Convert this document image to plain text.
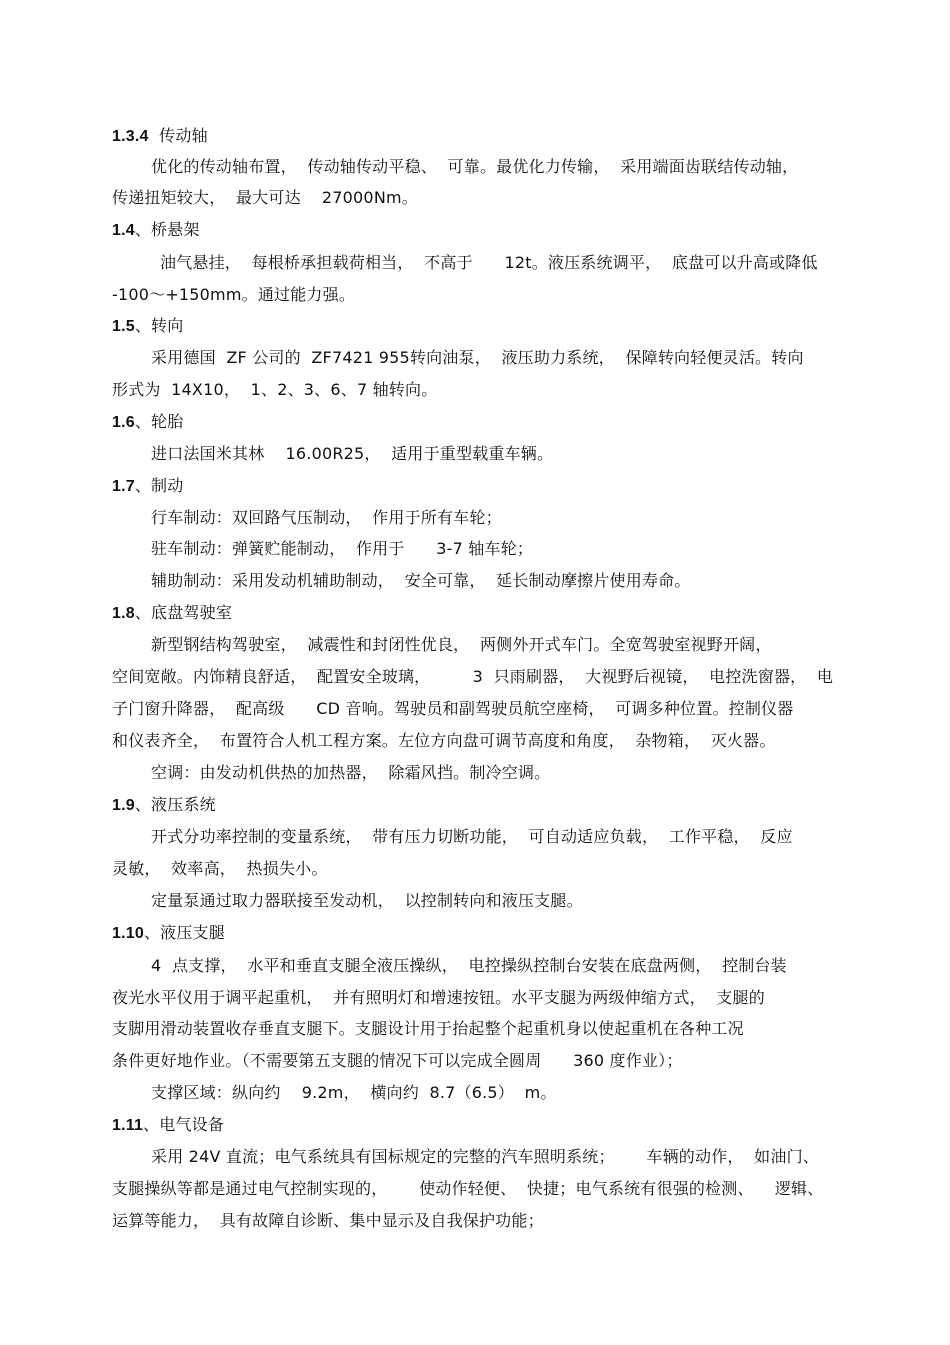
1.3.4  传动轴
优化的传动轴布置，  传动轴传动平稳、  可靠。最优化力传输，  采用端面齿联结传动轴，
传递扭矩较大，  最大可达    27000Nm。
1.4、桥悬架
油气悬挂，  每根桥承担载荷相当，  不高于      12t。液压系统调平，  底盘可以升高或降低
-100～+150mm。通过能力强。
1.5、转向
采用德国  ZF 公司的  ZF7421 955转向油泵，  液压助力系统，  保障转向轻便灵活。转向
形式为  14X10，  1、2、3、6、7 轴转向。
1.6、轮胎
进口法国米其林    16.00R25，  适用于重型载重车辆。
1.7、制动
行车制动：双回路气压制动，  作用于所有车轮；
驻车制动：弹簧贮能制动，  作用于      3-7 轴车轮；
辅助制动：采用发动机辅助制动，  安全可靠，  延长制动摩擦片使用寿命。
1.8、底盘驾驶室
新型钢结构驾驶室，  减震性和封闭性优良，  两侧外开式车门。全宽驾驶室视野开阔，
空间宽敞。内饰精良舒适，  配置安全玻璃，        3  只雨刷器，  大视野后视镜，  电控洗窗器，  电
子门窗升降器，  配高级      CD 音响。驾驶员和副驾驶员航空座椅，  可调多种位置。控制仪器
和仪表齐全，  布置符合人机工程方案。左位方向盘可调节高度和角度，  杂物箱，  灭火器。
空调：由发动机供热的加热器，  除霜风挡。制冷空调。
1.9、液压系统
开式分功率控制的变量系统，  带有压力切断功能，  可自动适应负载，  工作平稳，  反应
灵敏，  效率高，  热损失小。
定量泵通过取力器联接至发动机，  以控制转向和液压支腿。
1.10、液压支腿
4  点支撑，  水平和垂直支腿全液压操纵，  电控操纵控制台安装在底盘两侧，  控制台装
夜光水平仪用于调平起重机，  并有照明灯和增速按钮。水平支腿为两级伸缩方式，  支腿的
支脚用滑动装置收存垂直支腿下。支腿设计用于抬起整个起重机身以使起重机在各种工况
条件更好地作业。（不需要第五支腿的情况下可以完成全圆周      360 度作业）；
支撑区域：纵向约    9.2m，  横向约  8.7（6.5）  m。
1.11、电气设备
采用 24V 直流；电气系统具有国标规定的完整的汽车照明系统；      车辆的动作，  如油门、
支腿操纵等都是通过电气控制实现的，      使动作轻便、  快捷；电气系统有很强的检测、    逻辑、
运算等能力，  具有故障自诊断、集中显示及自我保护功能；
